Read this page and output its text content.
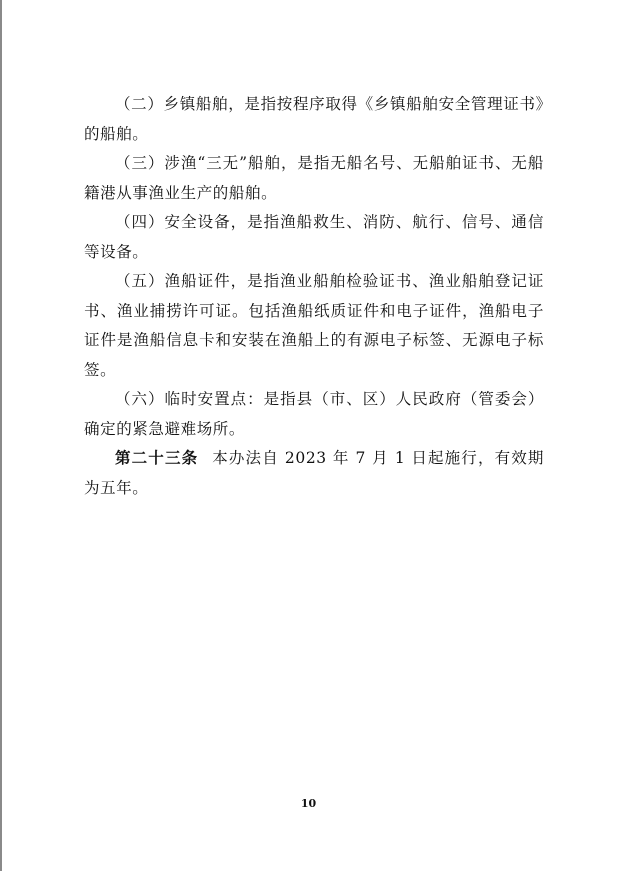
（二）乡镇船舶，是指按程序取得《乡镇船舶安全管理证书》的船舶。

（三）涉渔“三无”船舶，是指无船名号、无船舶证书、无船籍港从事渔业生产的船舶。

（四）安全设备，是指渔船救生、消防、航行、信号、通信等设备。

（五）渔船证件，是指渔业船舶检验证书、渔业船舶登记证书、渔业捕捞许可证。包括渔船纸质证件和电子证件，渔船电子证件是渔船信息卡和安装在渔船上的有源电子标签、无源电子标签。

（六）临时安置点：是指县（市、区）人民政府（管委会）确定的紧急避难场所。

第二十三条 本办法自 2023 年 7 月 1 日起施行，有效期为五年。

10
